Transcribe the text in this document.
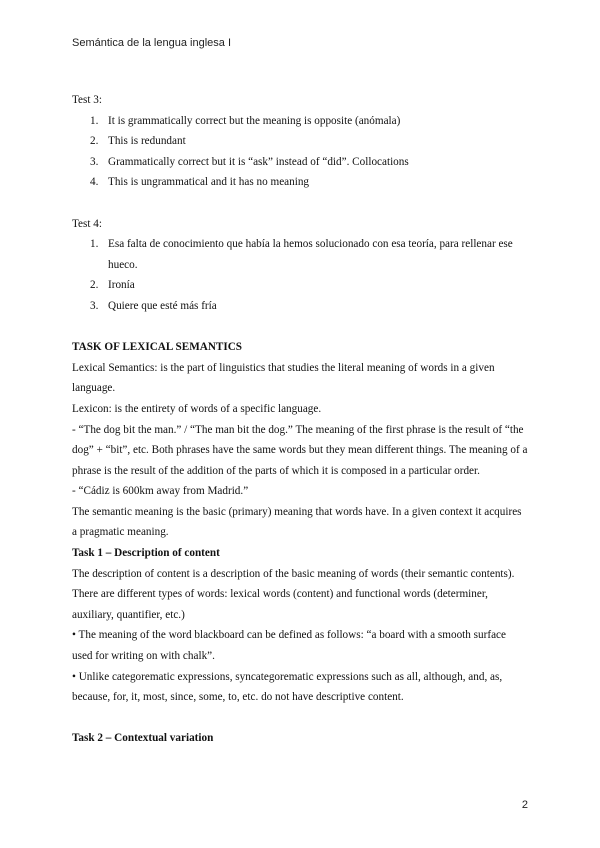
Semántica de la lengua inglesa I

Test 3:

1. It is grammatically correct but the meaning is opposite (anómala)
2. This is redundant
3. Grammatically correct but it is “ask” instead of “did”. Collocations
4. This is ungrammatical and it has no meaning

Test 4:

1. Esa falta de conocimiento que había la hemos solucionado con esa teoría, para rellenar ese hueco.
2. Ironía
3. Quiere que esté más fría

TASK OF LEXICAL SEMANTICS

Lexical Semantics: is the part of linguistics that studies the literal meaning of words in a given language.

Lexicon: is the entirety of words of a specific language.

- “The dog bit the man.” / “The man bit the dog.” The meaning of the first phrase is the result of “the dog” + “bit”, etc. Both phrases have the same words but they mean different things. The meaning of a phrase is the result of the addition of the parts of which it is composed in a particular order.

- “Cádiz is 600km away from Madrid.”

The semantic meaning is the basic (primary) meaning that words have. In a given context it acquires a pragmatic meaning.

Task 1 – Description of content

The description of content is a description of the basic meaning of words (their semantic contents). There are different types of words: lexical words (content) and functional words (determiner, auxiliary, quantifier, etc.)

• The meaning of the word blackboard can be defined as follows: “a board with a smooth surface used for writing on with chalk”.

• Unlike categorematic expressions, syncategorematic expressions such as all, although, and, as, because, for, it, most, since, some, to, etc. do not have descriptive content.

Task 2 – Contextual variation

2
